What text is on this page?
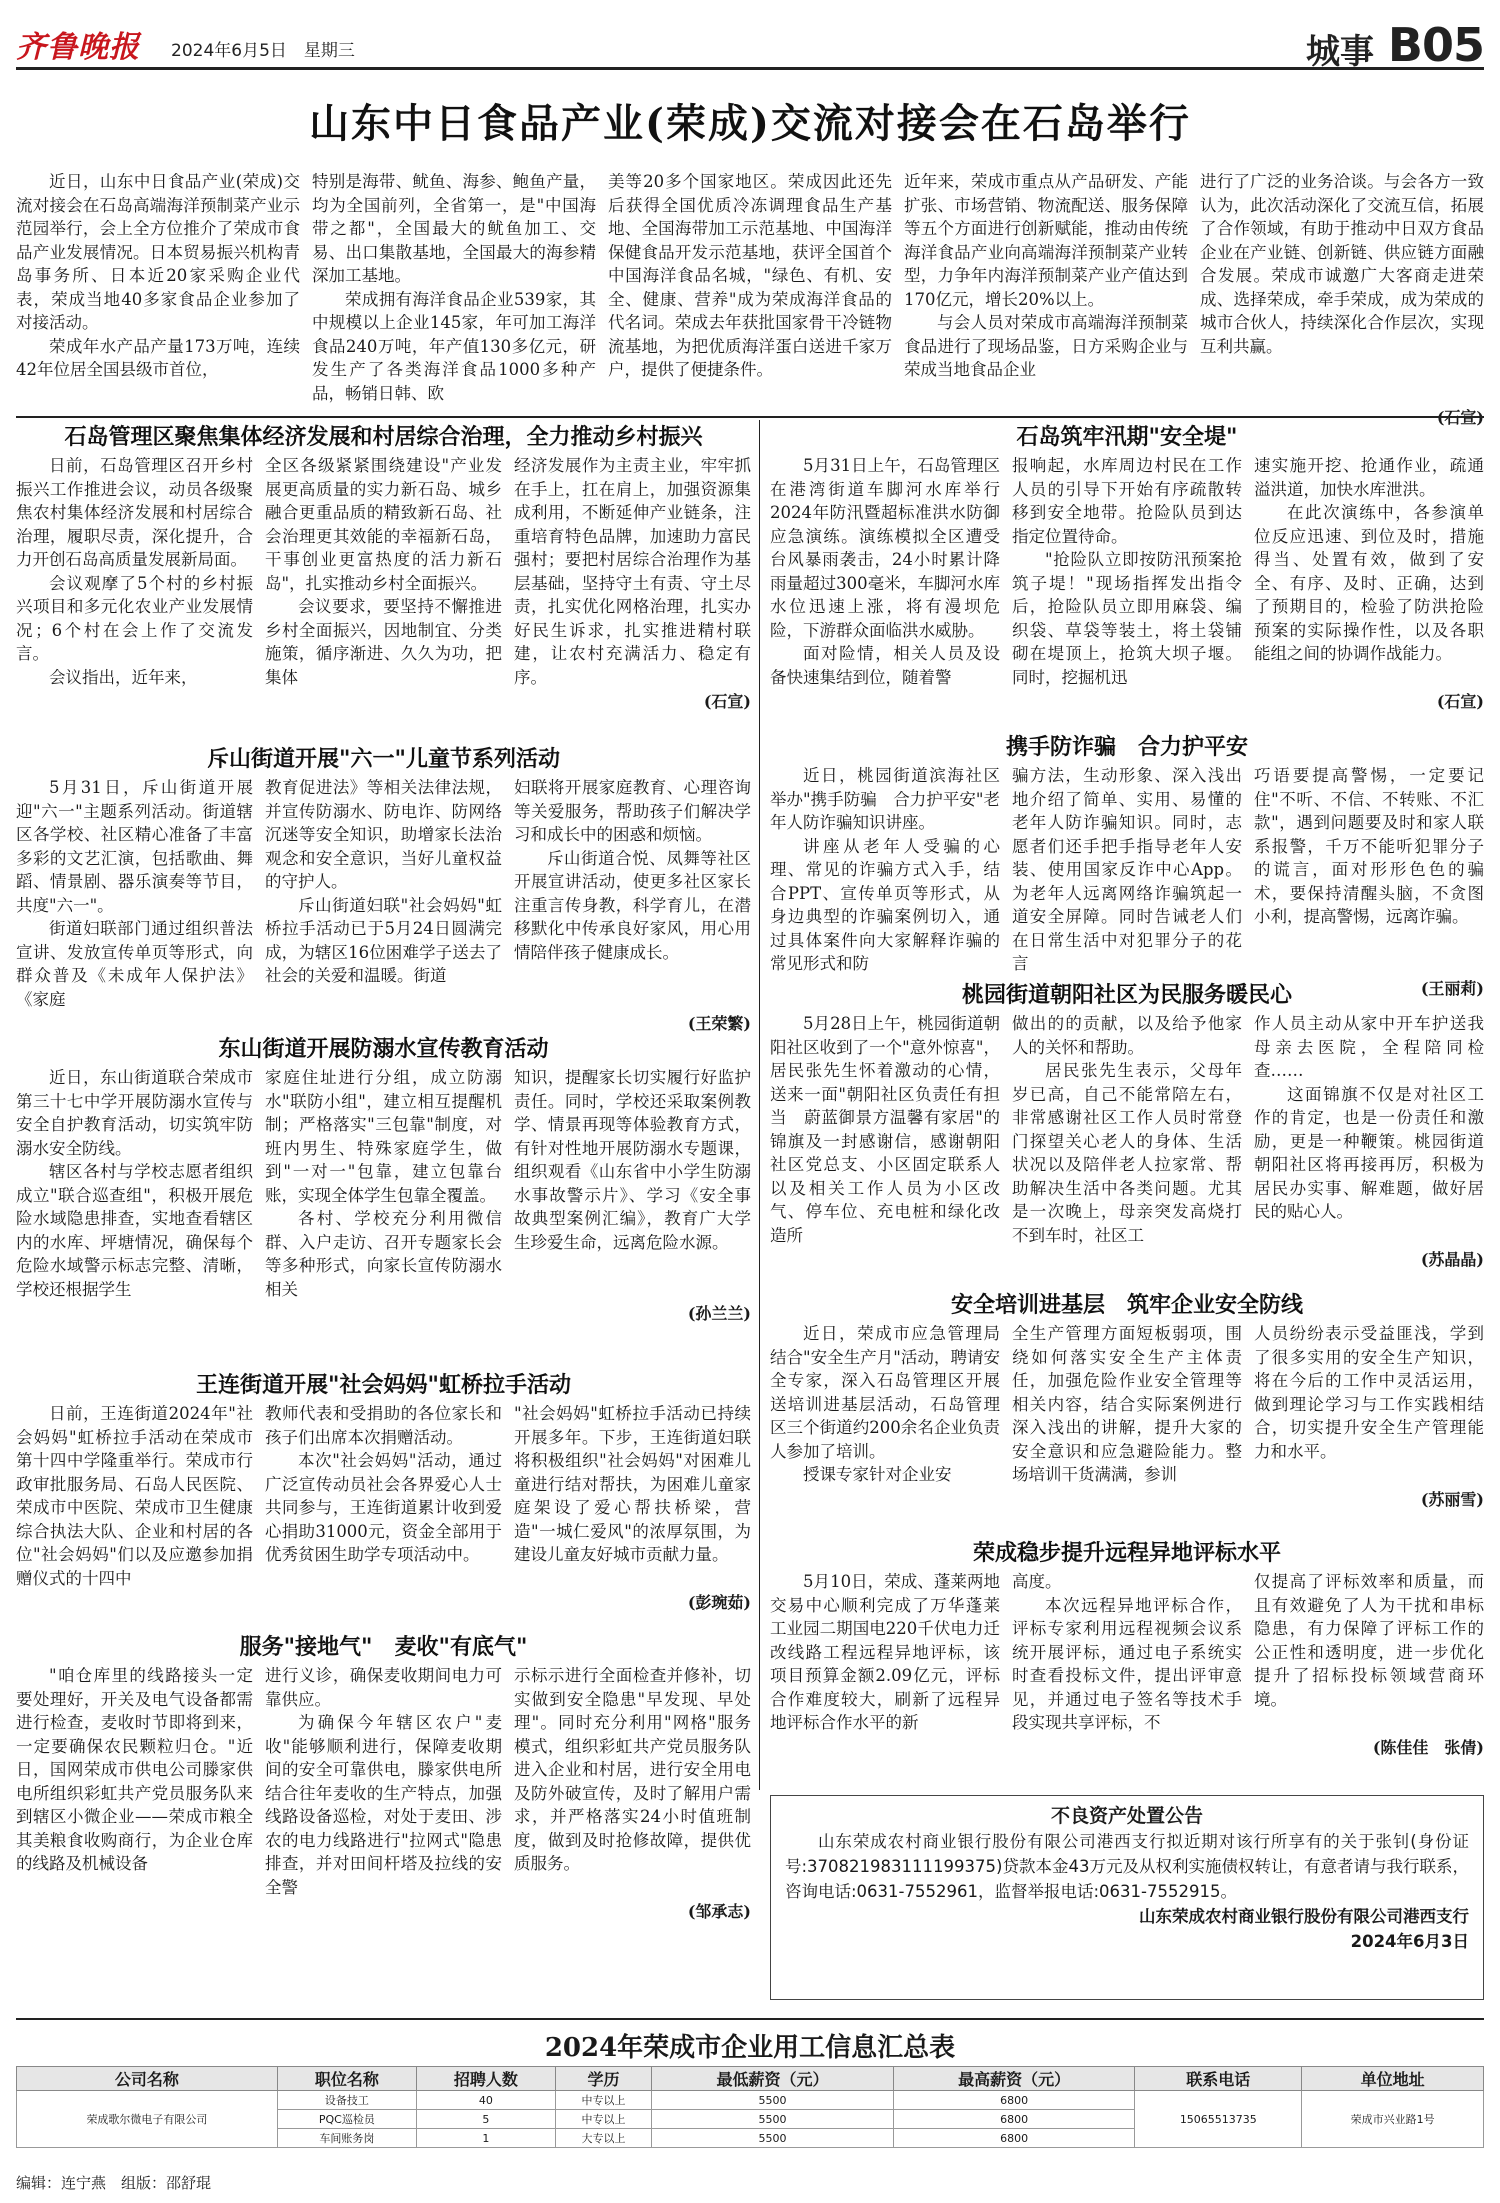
齐鲁晚报 2024年6月5日　星期三	城事 B05
山东中日食品产业(荣成)交流对接会在石岛举行

近日，山东中日食品产业(荣成)交流对接会在石岛高端海洋预制菜产业示范园举行，会上全方位推介了荣成市食品产业发展情况。日本贸易振兴机构青岛事务所、日本近20家采购企业代表，荣成当地40多家食品企业参加了对接活动。

荣成年水产品产量173万吨，连续42年位居全国县级市首位，

特别是海带、鱿鱼、海参、鲍鱼产量，均为全国前列，全省第一，是"中国海带之都"，全国最大的鱿鱼加工、交易、出口集散基地，全国最大的海参精深加工基地。

荣成拥有海洋食品企业539家，其中规模以上企业145家，年可加工海洋食品240万吨，年产值130多亿元，研发生产了各类海洋食品1000多种产品，畅销日韩、欧

美等20多个国家地区。荣成因此还先后获得全国优质冷冻调理食品生产基地、全国海带加工示范基地、中国海洋保健食品开发示范基地，获评全国首个中国海洋食品名城，"绿色、有机、安全、健康、营养"成为荣成海洋食品的代名词。荣成去年获批国家骨干冷链物流基地，为把优质海洋蛋白送进千家万户，提供了便捷条件。

近年来，荣成市重点从产品研发、产能扩张、市场营销、物流配送、服务保障等五个方面进行创新赋能，推动由传统海洋食品产业向高端海洋预制菜产业转型，力争年内海洋预制菜产业产值达到170亿元，增长20%以上。

与会人员对荣成市高端海洋预制菜食品进行了现场品鉴，日方采购企业与荣成当地食品企业

进行了广泛的业务洽谈。与会各方一致认为，此次活动深化了交流互信，拓展了合作领域，有助于推动中日双方食品企业在产业链、创新链、供应链方面融合发展。荣成市诚邀广大客商走进荣成、选择荣成，牵手荣成，成为荣成的城市合伙人，持续深化合作层次，实现互利共赢。

石岛管理区聚焦集体经济发展和村居综合治理，全力推动乡村振兴

日前，石岛管理区召开乡村振兴工作推进会议，动员各级聚焦农村集体经济发展和村居综合治理，履职尽责，深化提升，合力开创石岛高质量发展新局面。

会议观摩了5个村的乡村振兴项目和多元化农业产业发展情况；6个村在会上作了交流发言。

会议指出，近年来，

全区各级紧紧围绕建设"产业发展更高质量的实力新石岛、城乡融合更重品质的精致新石岛、社会治理更其效能的幸福新石岛，干事创业更富热度的活力新石岛"，扎实推动乡村全面振兴。

会议要求，要坚持不懈推进乡村全面振兴，因地制宜、分类施策，循序渐进、久久为功，把集体

经济发展作为主责主业，牢牢抓在手上，扛在肩上，加强资源集成利用，不断延伸产业链条，注重培育特色品牌，加速助力富民强村；要把村居综合治理作为基层基础，坚持守土有责、守土尽责，扎实优化网格治理，扎实办好民生诉求，扎实推进精村联建，让农村充满活力、稳定有序。

(石宣)
斥山街道开展"六一"儿童节系列活动

5月31日，斥山街道开展迎"六一"主题系列活动。街道辖区各学校、社区精心准备了丰富多彩的文艺汇演，包括歌曲、舞蹈、情景剧、器乐演奏等节目，共度"六一"。

街道妇联部门通过组织普法宣讲、发放宣传单页等形式，向群众普及《未成年人保护法》《家庭

教育促进法》等相关法律法规，并宣传防溺水、防电诈、防网络沉迷等安全知识，助增家长法治观念和安全意识，当好儿童权益的守护人。

斥山街道妇联"社会妈妈"虹桥拉手活动已于5月24日圆满完成，为辖区16位困难学子送去了社会的关爱和温暖。街道

妇联将开展家庭教育、心理咨询等关爱服务，帮助孩子们解决学习和成长中的困惑和烦恼。

斥山街道合悦、凤舞等社区开展宣讲活动，使更多社区家长注重言传身教，科学育儿，在潜移默化中传承良好家风，用心用情陪伴孩子健康成长。

(王荣繁)
东山街道开展防溺水宣传教育活动

近日，东山街道联合荣成市第三十七中学开展防溺水宣传与安全自护教育活动，切实筑牢防溺水安全防线。

辖区各村与学校志愿者组织成立"联合巡查组"，积极开展危险水域隐患排查，实地查看辖区内的水库、坪塘情况，确保每个危险水域警示标志完整、清晰，学校还根据学生

家庭住址进行分组，成立防溺水"联防小组"，建立相互提醒机制；严格落实"三包靠"制度，对班内男生、特殊家庭学生，做到"一对一"包靠，建立包靠台账，实现全体学生包靠全覆盖。

各村、学校充分利用微信群、入户走访、召开专题家长会等多种形式，向家长宣传防溺水相关

知识，提醒家长切实履行好监护责任。同时，学校还采取案例教学、情景再现等体验教育方式，有针对性地开展防溺水专题课，组织观看《山东省中小学生防溺水事故警示片》、学习《安全事故典型案例汇编》，教育广大学生珍爱生命，远离危险水源。

(孙兰兰)
王连街道开展"社会妈妈"虹桥拉手活动

日前，王连街道2024年"社会妈妈"虹桥拉手活动在荣成市第十四中学隆重举行。荣成市行政审批服务局、石岛人民医院、荣成市中医院、荣成市卫生健康综合执法大队、企业和村居的各位"社会妈妈"们以及应邀参加捐赠仪式的十四中

教师代表和受捐助的各位家长和孩子们出席本次捐赠活动。

本次"社会妈妈"活动，通过广泛宣传动员社会各界爱心人士共同参与，王连街道累计收到爱心捐助31000元，资金全部用于优秀贫困生助学专项活动中。

"社会妈妈"虹桥拉手活动已持续开展多年。下步，王连街道妇联将积极组织"社会妈妈"对困难儿童进行结对帮扶，为困难儿童家庭架设了爱心帮扶桥梁，营造"一城仁爱风"的浓厚氛围，为建设儿童友好城市贡献力量。

(彭琬茹)
服务"接地气"　麦收"有底气"

"咱仓库里的线路接头一定要处理好，开关及电气设备都需进行检查，麦收时节即将到来，一定要确保农民颗粒归仓。"近日，国网荣成市供电公司滕家供电所组织彩虹共产党员服务队来到辖区小微企业——荣成市粮全其美粮食收购商行，为企业仓库的线路及机械设备

进行义诊，确保麦收期间电力可靠供应。

为确保今年辖区农户"麦收"能够顺利进行，保障麦收期间的安全可靠供电，滕家供电所结合往年麦收的生产特点，加强线路设备巡检，对处于麦田、涉农的电力线路进行"拉网式"隐患排查，并对田间杆塔及拉线的安全警

示标示进行全面检查并修补，切实做到安全隐患"早发现、早处理"。同时充分利用"网格"服务模式，组织彩虹共产党员服务队进入企业和村居，进行安全用电及防外破宣传，及时了解用户需求，并严格落实24小时值班制度，做到及时抢修故障，提供优质服务。

(邹承志)
石岛筑牢汛期"安全堤"

5月31日上午，石岛管理区在港湾街道车脚河水库举行2024年防汛暨超标准洪水防御应急演练。演练模拟全区遭受台风暴雨袭击，24小时累计降雨量超过300毫米，车脚河水库水位迅速上涨，将有漫坝危险，下游群众面临洪水威胁。

面对险情，相关人员及设备快速集结到位，随着警

报响起，水库周边村民在工作人员的引导下开始有序疏散转移到安全地带。抢险队员到达指定位置待命。

"抢险队立即按防汛预案抢筑子堤！"现场指挥发出指令后，抢险队员立即用麻袋、编织袋、草袋等装土，将土袋铺砌在堤顶上，抢筑大坝子堰。同时，挖掘机迅

速实施开挖、抢通作业，疏通溢洪道，加快水库泄洪。

在此次演练中，各参演单位反应迅速、到位及时，措施得当、处置有效，做到了安全、有序、及时、正确，达到了预期目的，检验了防洪抢险预案的实际操作性，以及各职能组之间的协调作战能力。

(石宣)
携手防诈骗　合力护平安

近日，桃园街道滨海社区举办"携手防骗　合力护平安"老年人防诈骗知识讲座。

讲座从老年人受骗的心理、常见的诈骗方式入手，结合PPT、宣传单页等形式，从身边典型的诈骗案例切入，通过具体案件向大家解释诈骗的常见形式和防

骗方法，生动形象、深入浅出地介绍了简单、实用、易懂的老年人防诈骗知识。同时，志愿者们还手把手指导老年人安装、使用国家反诈中心App。为老年人远离网络诈骗筑起一道安全屏障。同时告诫老人们在日常生活中对犯罪分子的花言

巧语要提高警惕，一定要记住"不听、不信、不转账、不汇款"，遇到问题要及时和家人联系报警，千万不能听犯罪分子的谎言，面对形形色色的骗术，要保持清醒头脑，不贪图小利，提高警惕，远离诈骗。

(王丽莉)
桃园街道朝阳社区为民服务暖民心

5月28日上午，桃园街道朝阳社区收到了一个"意外惊喜"，居民张先生怀着激动的心情，送来一面"朝阳社区负责任有担当　蔚蓝御景方温馨有家居"的锦旗及一封感谢信，感谢朝阳社区党总支、小区固定联系人以及相关工作人员为小区改气、停车位、充电桩和绿化改造所

做出的的贡献，以及给予他家人的关怀和帮助。

居民张先生表示，父母年岁已高，自己不能常陪左右，非常感谢社区工作人员时常登门探望关心老人的身体、生活状况以及陪伴老人拉家常、帮助解决生活中各类问题。尤其是一次晚上，母亲突发高烧打不到车时，社区工

作人员主动从家中开车护送我母亲去医院，全程陪同检查……

这面锦旗不仅是对社区工作的肯定，也是一份责任和激励，更是一种鞭策。桃园街道朝阳社区将再接再厉，积极为居民办实事、解难题，做好居民的贴心人。

(苏晶晶)
安全培训进基层　筑牢企业安全防线

近日，荣成市应急管理局结合"安全生产月"活动，聘请安全专家，深入石岛管理区开展送培训进基层活动，石岛管理区三个街道约200余名企业负责人参加了培训。

授课专家针对企业安

全生产管理方面短板弱项，围绕如何落实安全生产主体责任，加强危险作业安全管理等相关内容，结合实际案例进行深入浅出的讲解，提升大家的安全意识和应急避险能力。整场培训干货满满，参训

人员纷纷表示受益匪浅，学到了很多实用的安全生产知识，将在今后的工作中灵活运用，做到理论学习与工作实践相结合，切实提升安全生产管理能力和水平。

(苏丽雪)
荣成稳步提升远程异地评标水平

5月10日，荣成、蓬莱两地交易中心顺利完成了万华蓬莱工业园二期国电220千伏电力迁改线路工程远程异地评标，该项目预算金额2.09亿元，评标合作难度较大，刷新了远程异地评标合作水平的新

高度。

本次远程异地评标合作，评标专家利用远程视频会议系统开展评标，通过电子系统实时查看投标文件，提出评审意见，并通过电子签名等技术手段实现共享评标，不

仅提高了评标效率和质量，而且有效避免了人为干扰和串标隐患，有力保障了评标工作的公正性和透明度，进一步优化提升了招标投标领域营商环境。

(陈佳佳　张倩)
不良资产处置公告
山东荣成农村商业银行股份有限公司港西支行拟近期对该行所享有的关于张钊(身份证号:370821983111199375)贷款本金43万元及从权利实施债权转让，有意者请与我行联系，咨询电话:0631-7552961，监督举报电话:0631-7552915。
山东荣成农村商业银行股份有限公司港西支行
2024年6月3日
2024年荣成市企业用工信息汇总表
公司名称	职位名称	招聘人数	学历	最低薪资（元）	最高薪资（元）	联系电话	单位地址
荣成歌尔微电子有限公司	设备技工	40	中专以上	5500	6800	15065513735	荣成市兴业路1号
	PQC巡检员	5	中专以上	5500	6800		
	车间账务岗	1	大专以上	5500	6800		
编辑：连宁燕　组版：邵舒琨
